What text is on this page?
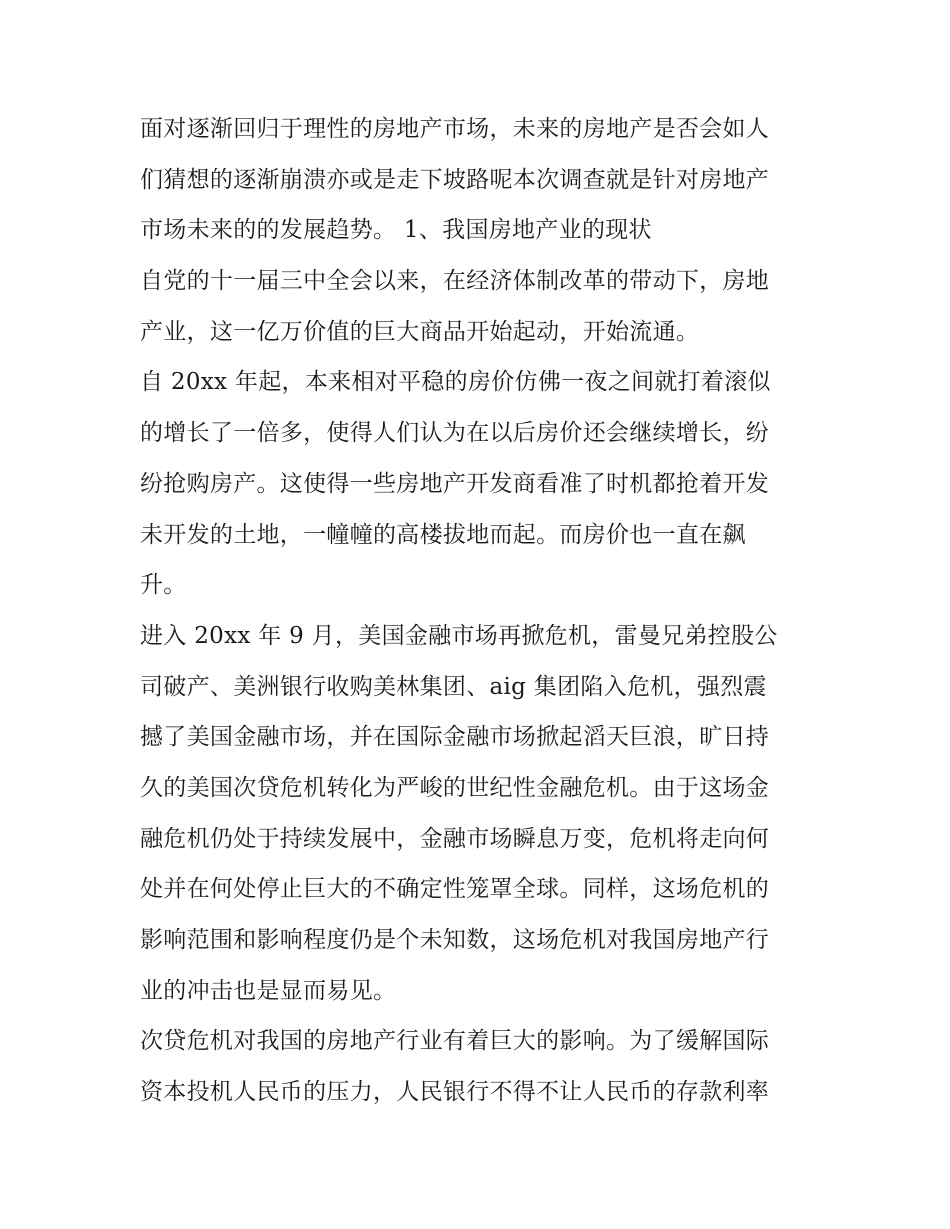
面对逐渐回归于理性的房地产市场，未来的房地产是否会如人
们猜想的逐渐崩溃亦或是走下坡路呢本次调查就是针对房地产
市场未来的的发展趋势。 1、我国房地产业的现状
自党的十一届三中全会以来，在经济体制改革的带动下，房地
产业，这一亿万价值的巨大商品开始起动，开始流通。
自 20xx 年起，本来相对平稳的房价仿佛一夜之间就打着滚似
的增长了一倍多，使得人们认为在以后房价还会继续增长，纷
纷抢购房产。这使得一些房地产开发商看准了时机都抢着开发
未开发的土地，一幢幢的高楼拔地而起。而房价也一直在飙
升。
进入 20xx 年 9 月，美国金融市场再掀危机，雷曼兄弟控股公
司破产、美洲银行收购美林集团、aig 集团陷入危机，强烈震
撼了美国金融市场，并在国际金融市场掀起滔天巨浪，旷日持
久的美国次贷危机转化为严峻的世纪性金融危机。由于这场金
融危机仍处于持续发展中，金融市场瞬息万变，危机将走向何
处并在何处停止巨大的不确定性笼罩全球。同样，这场危机的
影响范围和影响程度仍是个未知数，这场危机对我国房地产行
业的冲击也是显而易见。
次贷危机对我国的房地产行业有着巨大的影响。为了缓解国际
资本投机人民币的压力，人民银行不得不让人民币的存款利率
